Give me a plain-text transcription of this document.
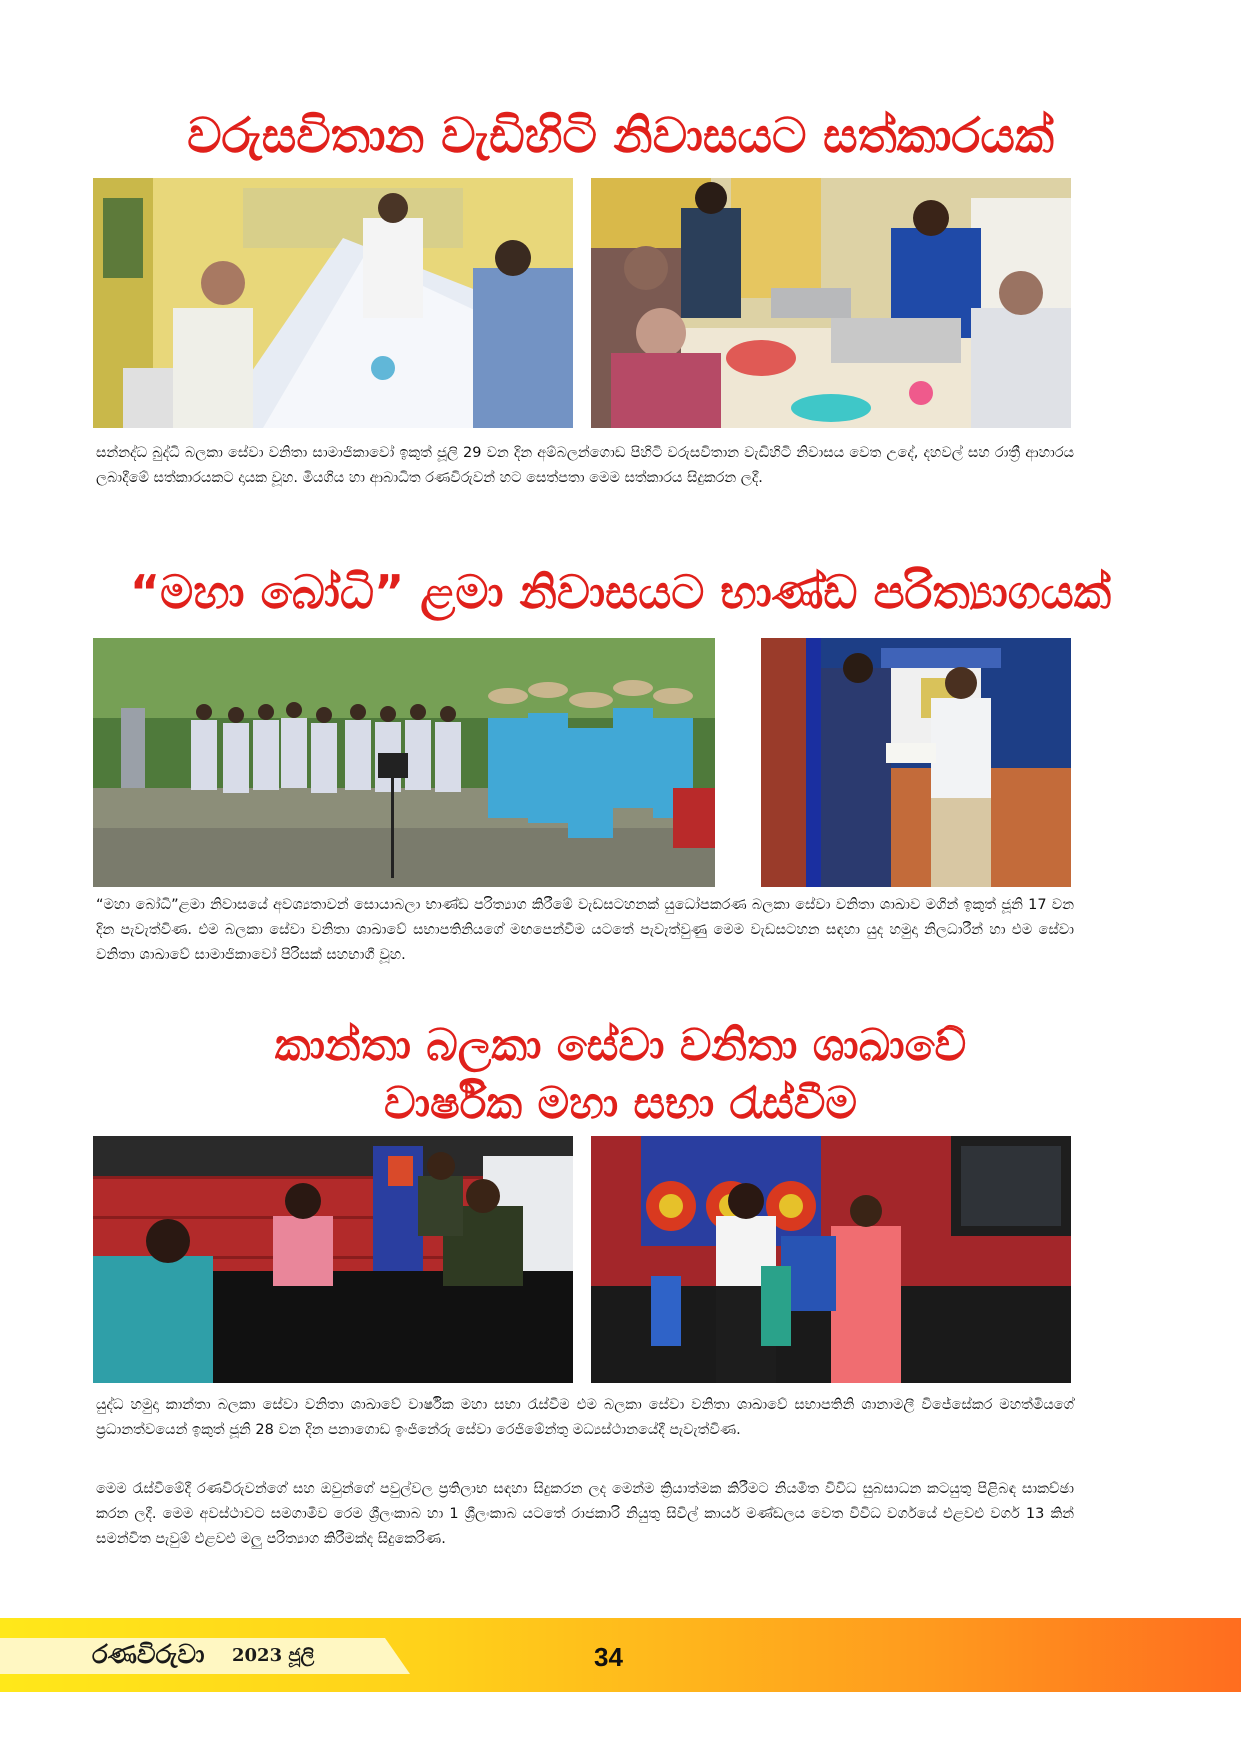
වරුසවිතාන වැඩිහිටි නිවාසයට සත්කාරයක්

සන්නද්ධ බුද්ධි බලකා සේවා වනිතා සාමාජිකාවෝ ඉකුත් ජූලි 29 වන දින අම්බලන්ගොඩ පිහිටි වරුසවිතාන වැඩිහිටි නිවාසය වෙත උදේ, දහවල් සහ රාත්‍රී ආහාරය ලබාදීමේ සත්කාරයකට දායක වූහ. මියගිය හා ආබාධිත රණවිරුවන් හට සෙත්පතා මෙම සත්කාරය සිදුකරන ලදී.

“මහා බෝධි” ළමා නිවාසයට භාණ්ඩ පරිත්‍යාගයක්

“මහා බෝධි”ළමා නිවාසයේ අවශ්‍යතාවන් සොයාබලා භාණ්ඩ පරිත්‍යාග කිරීමේ වැඩසටහනක් යුධෝපකරණ බලකා සේවා වනිතා ශාඛාව මගින් ඉකුත් ජූනි 17 වන දින පැවැත්විණ. එම බලකා සේවා වනිතා ශාඛාවේ සභාපතිනියගේ මඟපෙන්වීම යටතේ පැවැත්වුණු මෙම වැඩසටහන සඳහා යුද හමුදා නිලධාරීන් හා එම සේවා වනිතා ශාඛාවේ සාමාජිකාවෝ පිරිසක් සහභාගී වූහ.

කාන්තා බලකා සේවා වනිතා ශාඛාවේ
වාර්ෂික මහා සභා රැස්වීම

යුද්ධ හමුදා කාන්තා බලකා සේවා වනිතා ශාඛාවේ වාර්ෂික මහා සභා රැස්වීම එම බලකා සේවා වනිතා ශාඛාවේ සභාපතිනි ශානාමලී විජේසේකර මහත්මියගේ ප්‍රධානත්වයෙන් ඉකුත් ජූනි 28 වන දින පනාගොඩ ඉංජිනේරු සේවා රෙජිමේන්තු මධ්‍යස්ථානයේදී පැවැත්විණ.

මෙම රැස්වීමේදී රණවිරුවන්ගේ සහ ඔවුන්ගේ පවුල්වල ප්‍රතිලාභ සඳහා සිදුකරන ලද මෙන්ම ක්‍රියාත්මක කිරීමට නියමිත විවිධ සුබසාධන කටයුතු පිළිබඳ සාකච්ඡා කරන ලදී. මෙම අවස්ථාවට සමගාමීව රෙම ශ්‍රීලංකාබ හා 1 ශ්‍රීලංකාබ යටතේ රාජකාරි නියුතු සිවිල් කාර්ය මණ්ඩලය වෙත විවිධ වර්ගයේ එළවළු වර්ග 13 කින් සමන්විත පැවුම් එළවළු මලු පරිත්‍යාග කිරීමක්ද සිදුකෙරිණ.

රණවිරුවා 2023 ජූලි	34
